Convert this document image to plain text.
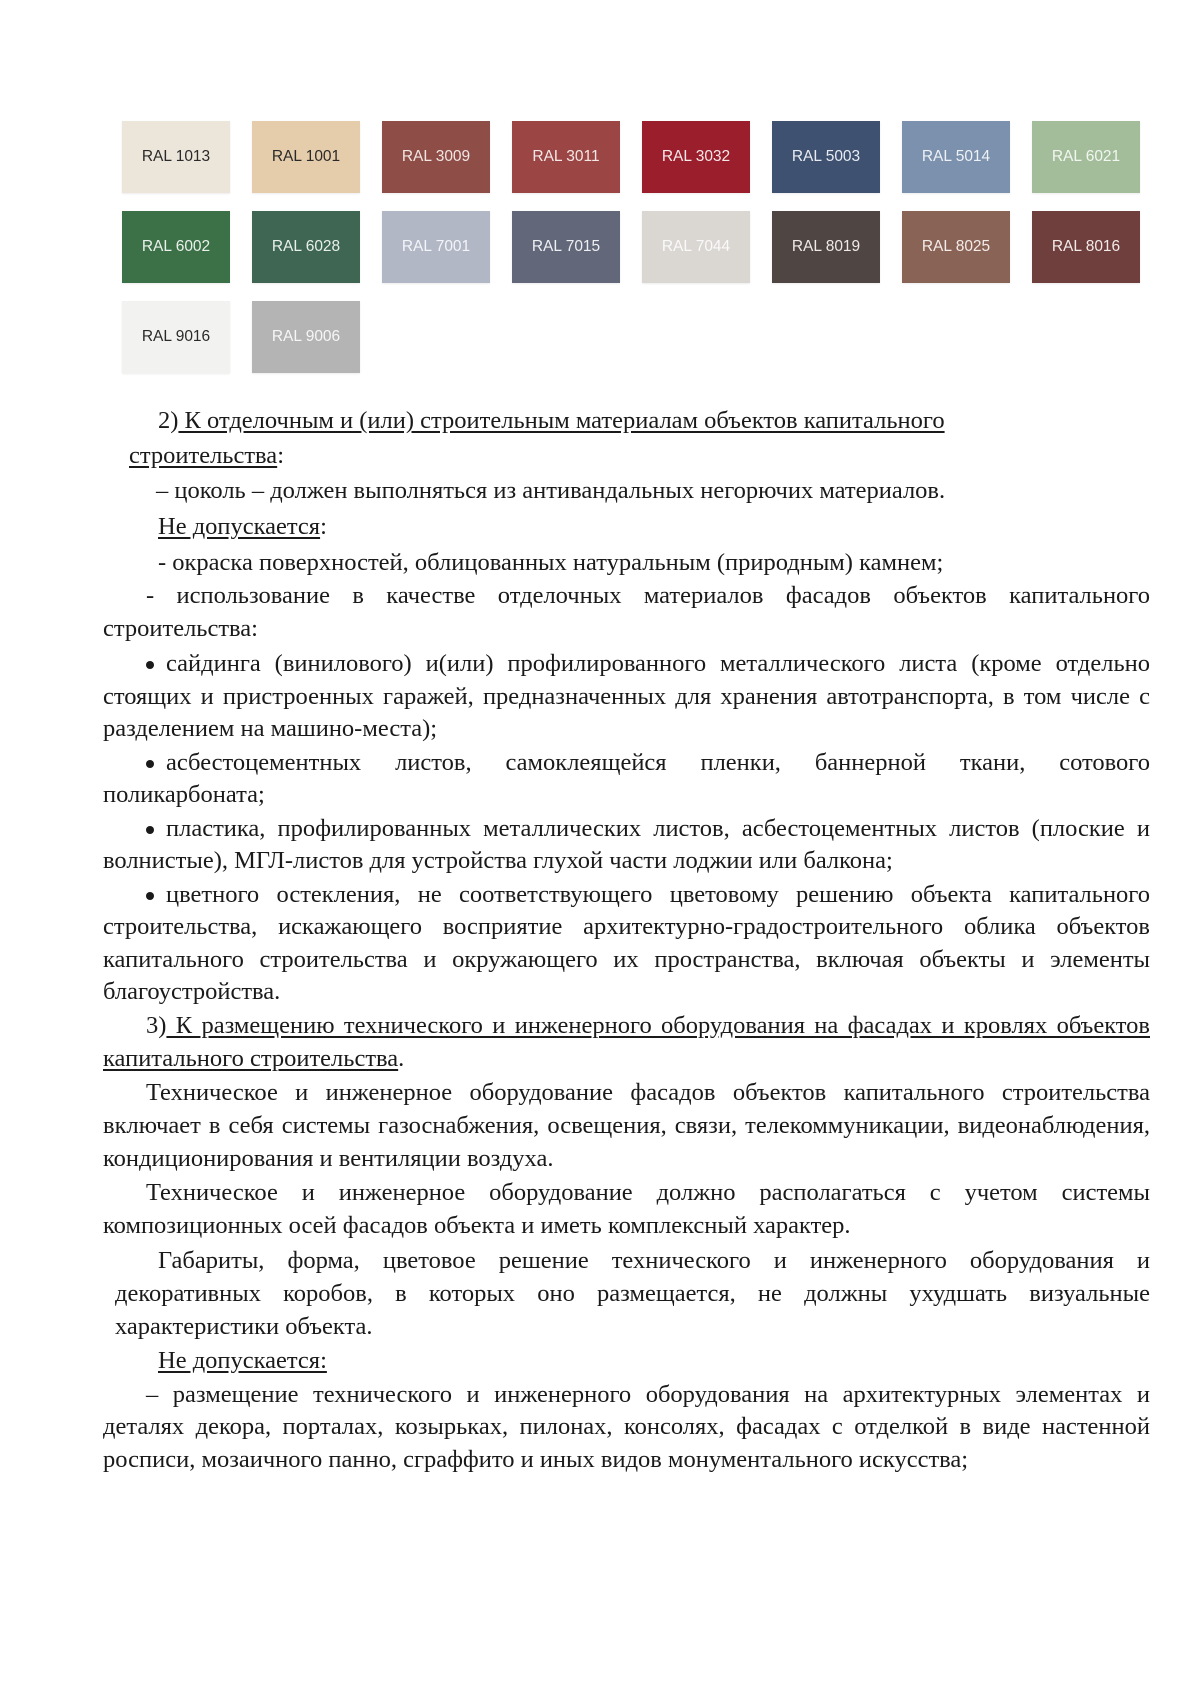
RAL 1013	RAL 1001	RAL 3009	RAL 3011	RAL 3032	RAL 5003	RAL 5014	RAL 6021
RAL 6002	RAL 6028	RAL 7001	RAL 7015	RAL 7044	RAL 8019	RAL 8025	RAL 8016
RAL 9016	RAL 9006

2) К отделочным и (или) строительным материалам объектов капитального

строительства:

– цоколь – должен выполняться из антивандальных негорючих материалов.

Не допускается:

- окраска поверхностей, облицованных натуральным (природным) камнем;

- использование в качестве отделочных материалов фасадов объектов капитального строительства:

сайдинга (винилового) и(или) профилированного металлического листа (кроме отдельно стоящих и пристроенных гаражей, предназначенных для хранения автотранспорта, в том числе с разделением на машино-места);

асбестоцементных листов, самоклеящейся пленки, баннерной ткани, сотового поликарбоната;

пластика, профилированных металлических листов, асбестоцементных листов (плоские и волнистые), МГЛ-листов для устройства глухой части лоджии или балкона;

цветного остекления, не соответствующего цветовому решению объекта капитального строительства, искажающего восприятие архитектурно-градостроительного облика объектов капитального строительства и окружающего их пространства, включая объекты и элементы благоустройства.

3) К размещению технического и инженерного оборудования на фасадах и кровлях объектов капитального строительства.

Техническое и инженерное оборудование фасадов объектов капитального строительства включает в себя системы газоснабжения, освещения, связи, телекоммуникации, видеонаблюдения, кондиционирования и вентиляции воздуха.

Техническое и инженерное оборудование должно располагаться с учетом системы композиционных осей фасадов объекта и иметь комплексный характер.

Габариты, форма, цветовое решение технического и инженерного оборудования и декоративных коробов, в которых оно размещается, не должны ухудшать визуальные характеристики объекта.

Не допускается:

– размещение технического и инженерного оборудования на архитектурных элементах и деталях декора, порталах, козырьках, пилонах, консолях, фасадах с отделкой в виде настенной росписи, мозаичного панно, сграффито и иных видов монументального искусства;
